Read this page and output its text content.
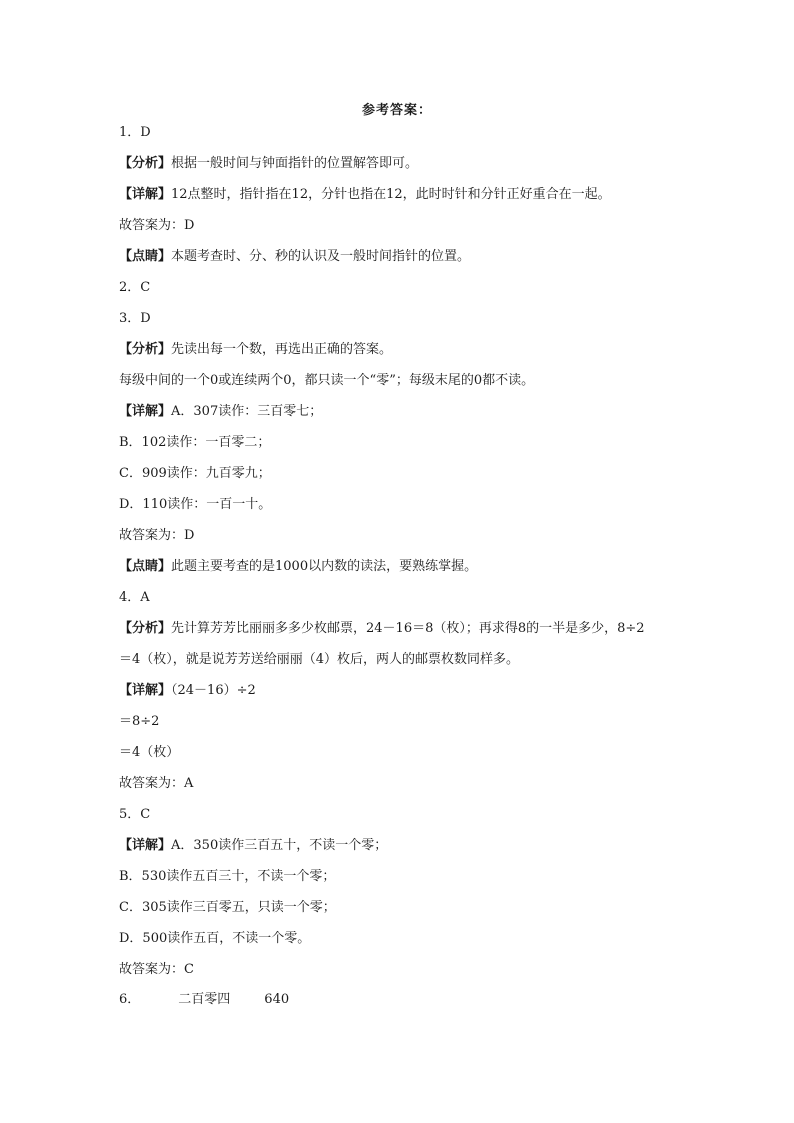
参考答案：
1．D
【分析】根据一般时间与钟面指针的位置解答即可。
【详解】12点整时，指针指在12，分针也指在12，此时时针和分针正好重合在一起。
故答案为：D
【点睛】本题考查时、分、秒的认识及一般时间指针的位置。
2．C
3．D
【分析】先读出每一个数，再选出正确的答案。
每级中间的一个0或连续两个0，都只读一个“零”；每级末尾的0都不读。
【详解】A．307读作：三百零七；
B．102读作：一百零二；
C．909读作：九百零九；
D．110读作：一百一十。
故答案为：D
【点睛】此题主要考查的是1000以内数的读法，要熟练掌握。
4．A
【分析】先计算芳芳比丽丽多多少枚邮票，24－16＝8（枚）；再求得8的一半是多少，8÷2
＝4（枚），就是说芳芳送给丽丽（4）枚后，两人的邮票枚数同样多。
【详解】（24－16）÷2
＝8÷2
＝4（枚）
故答案为：A
5．C
【详解】A．350读作三百五十，不读一个零；
B．530读作五百三十，不读一个零；
C．305读作三百零五，只读一个零；
D．500读作五百，不读一个零。
故答案为：C
6．	二百零四	640
